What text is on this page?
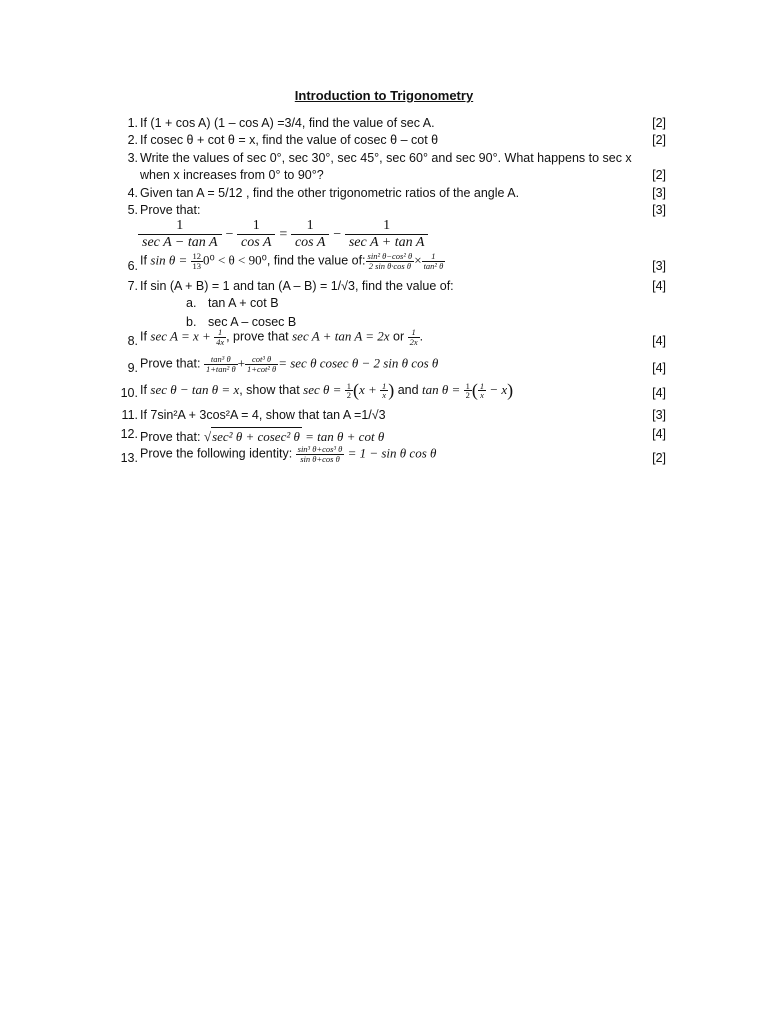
Introduction to Trigonometry
1. If (1 + cos A) (1 – cos A) =3/4, find the value of sec A.	[2]
2. If cosec θ + cot θ = x, find the value of cosec θ – cot θ	[2]
3. Write the values of sec 0°, sec 30°, sec 45°, sec 60° and sec 90°. What happens to sec x
when x increases from 0° to 90°?	[2]
4. Given tan A = 5/12 , find the other trigonometric ratios of the angle A.	[3]
5. Prove that:	[3]
$\frac{1}{\text{sec A − tan A}} - \frac{1}{\text{cos A}} = \frac{1}{\text{cos A}} - \frac{1}{\text{sec A + tan A}}$
6. If $\sin \theta = \frac{12}{13} 0^0 < \theta < 90^0$, find the value of: $\frac{\text{sin² θ−cos² θ}}{\text{2 sin θ·cos θ}} \times \frac{1}{\text{tan² θ}}$	[3]
7. If sin (A + B) = 1 and tan (A – B) = 1/√3, find the value of:	[4]
a. tan A + cot B
b. sec A – cosec B
8. If $\sec A = x + \frac{1}{4x}$ , prove that sec A + tan A = 2x or $\frac{1}{2x}$ .	[4]
9. Prove that: $\frac{\text{tan³ θ}}{\text{1+tan² θ}} + \frac{\text{cot³ θ}}{\text{1+cot² θ}} = \sec \theta$ cosec θ − 2 sin θ cos θ	[4]
10. If sec θ − tan θ = x, show that $\sec \theta = \frac{1}{2} (x + \frac{1}{x}$ ) and $\tan \theta = \frac{1}{2}$ ( $\frac{1}{x} - x$)	[4]
11. If 7sin²A + 3cos²A = 4, show that tan A =1/√3	[3]
12. Prove that: √sec² θ + cosec² θ = tan θ + cot θ	[4]
13. Prove the following identity: $\frac{\text{sin³ θ+cos³ θ}}{\text{sin θ+cos θ}} = 1 - \sin \theta$ cos θ	[2]
